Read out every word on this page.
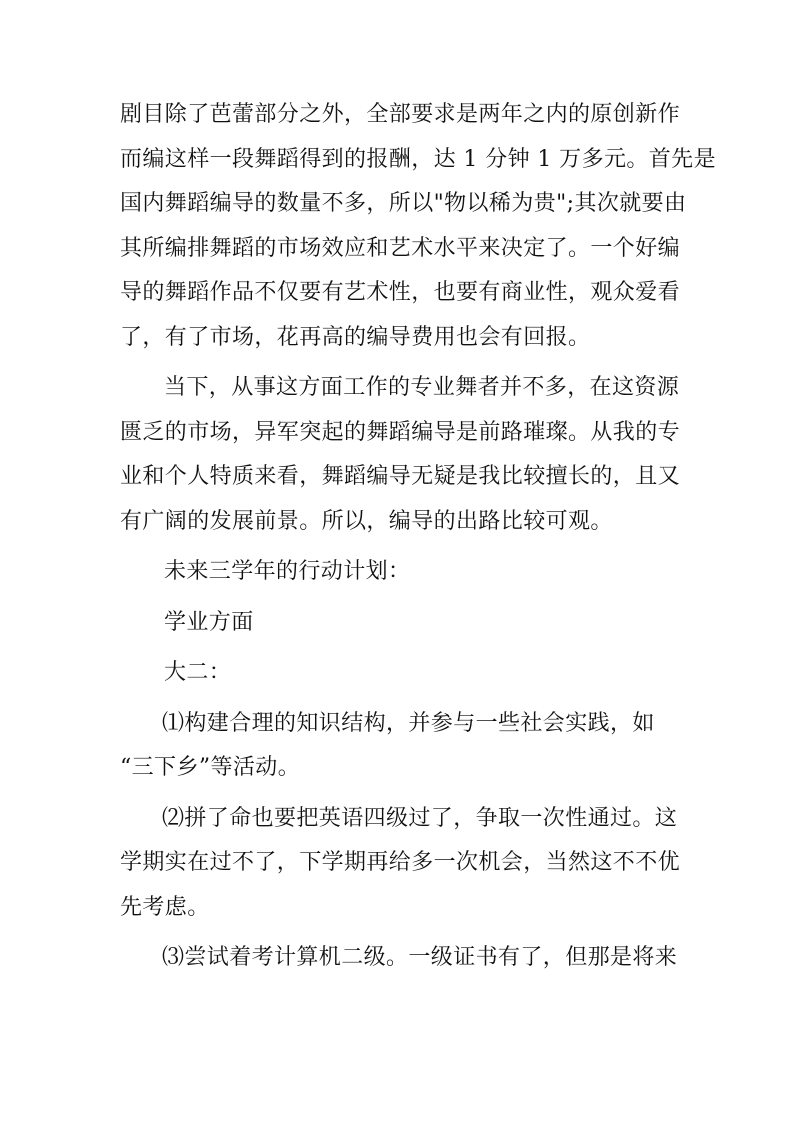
剧目除了芭蕾部分之外，全部要求是两年之内的原创新作
而编这样一段舞蹈得到的报酬，达 1 分钟 1 万多元。首先是
国内舞蹈编导的数量不多，所以"物以稀为贵";其次就要由
其所编排舞蹈的市场效应和艺术水平来决定了。一个好编
导的舞蹈作品不仅要有艺术性，也要有商业性，观众爱看
了，有了市场，花再高的编导费用也会有回报。
当下，从事这方面工作的专业舞者并不多，在这资源
匮乏的市场，异军突起的舞蹈编导是前路璀璨。从我的专
业和个人特质来看，舞蹈编导无疑是我比较擅长的，且又
有广阔的发展前景。所以，编导的出路比较可观。
未来三学年的行动计划：
学业方面
大二：
⑴构建合理的知识结构，并参与一些社会实践，如
“三下乡”等活动。
⑵拼了命也要把英语四级过了，争取一次性通过。这
学期实在过不了，下学期再给多一次机会，当然这不不优
先考虑。
⑶尝试着考计算机二级。一级证书有了，但那是将来
